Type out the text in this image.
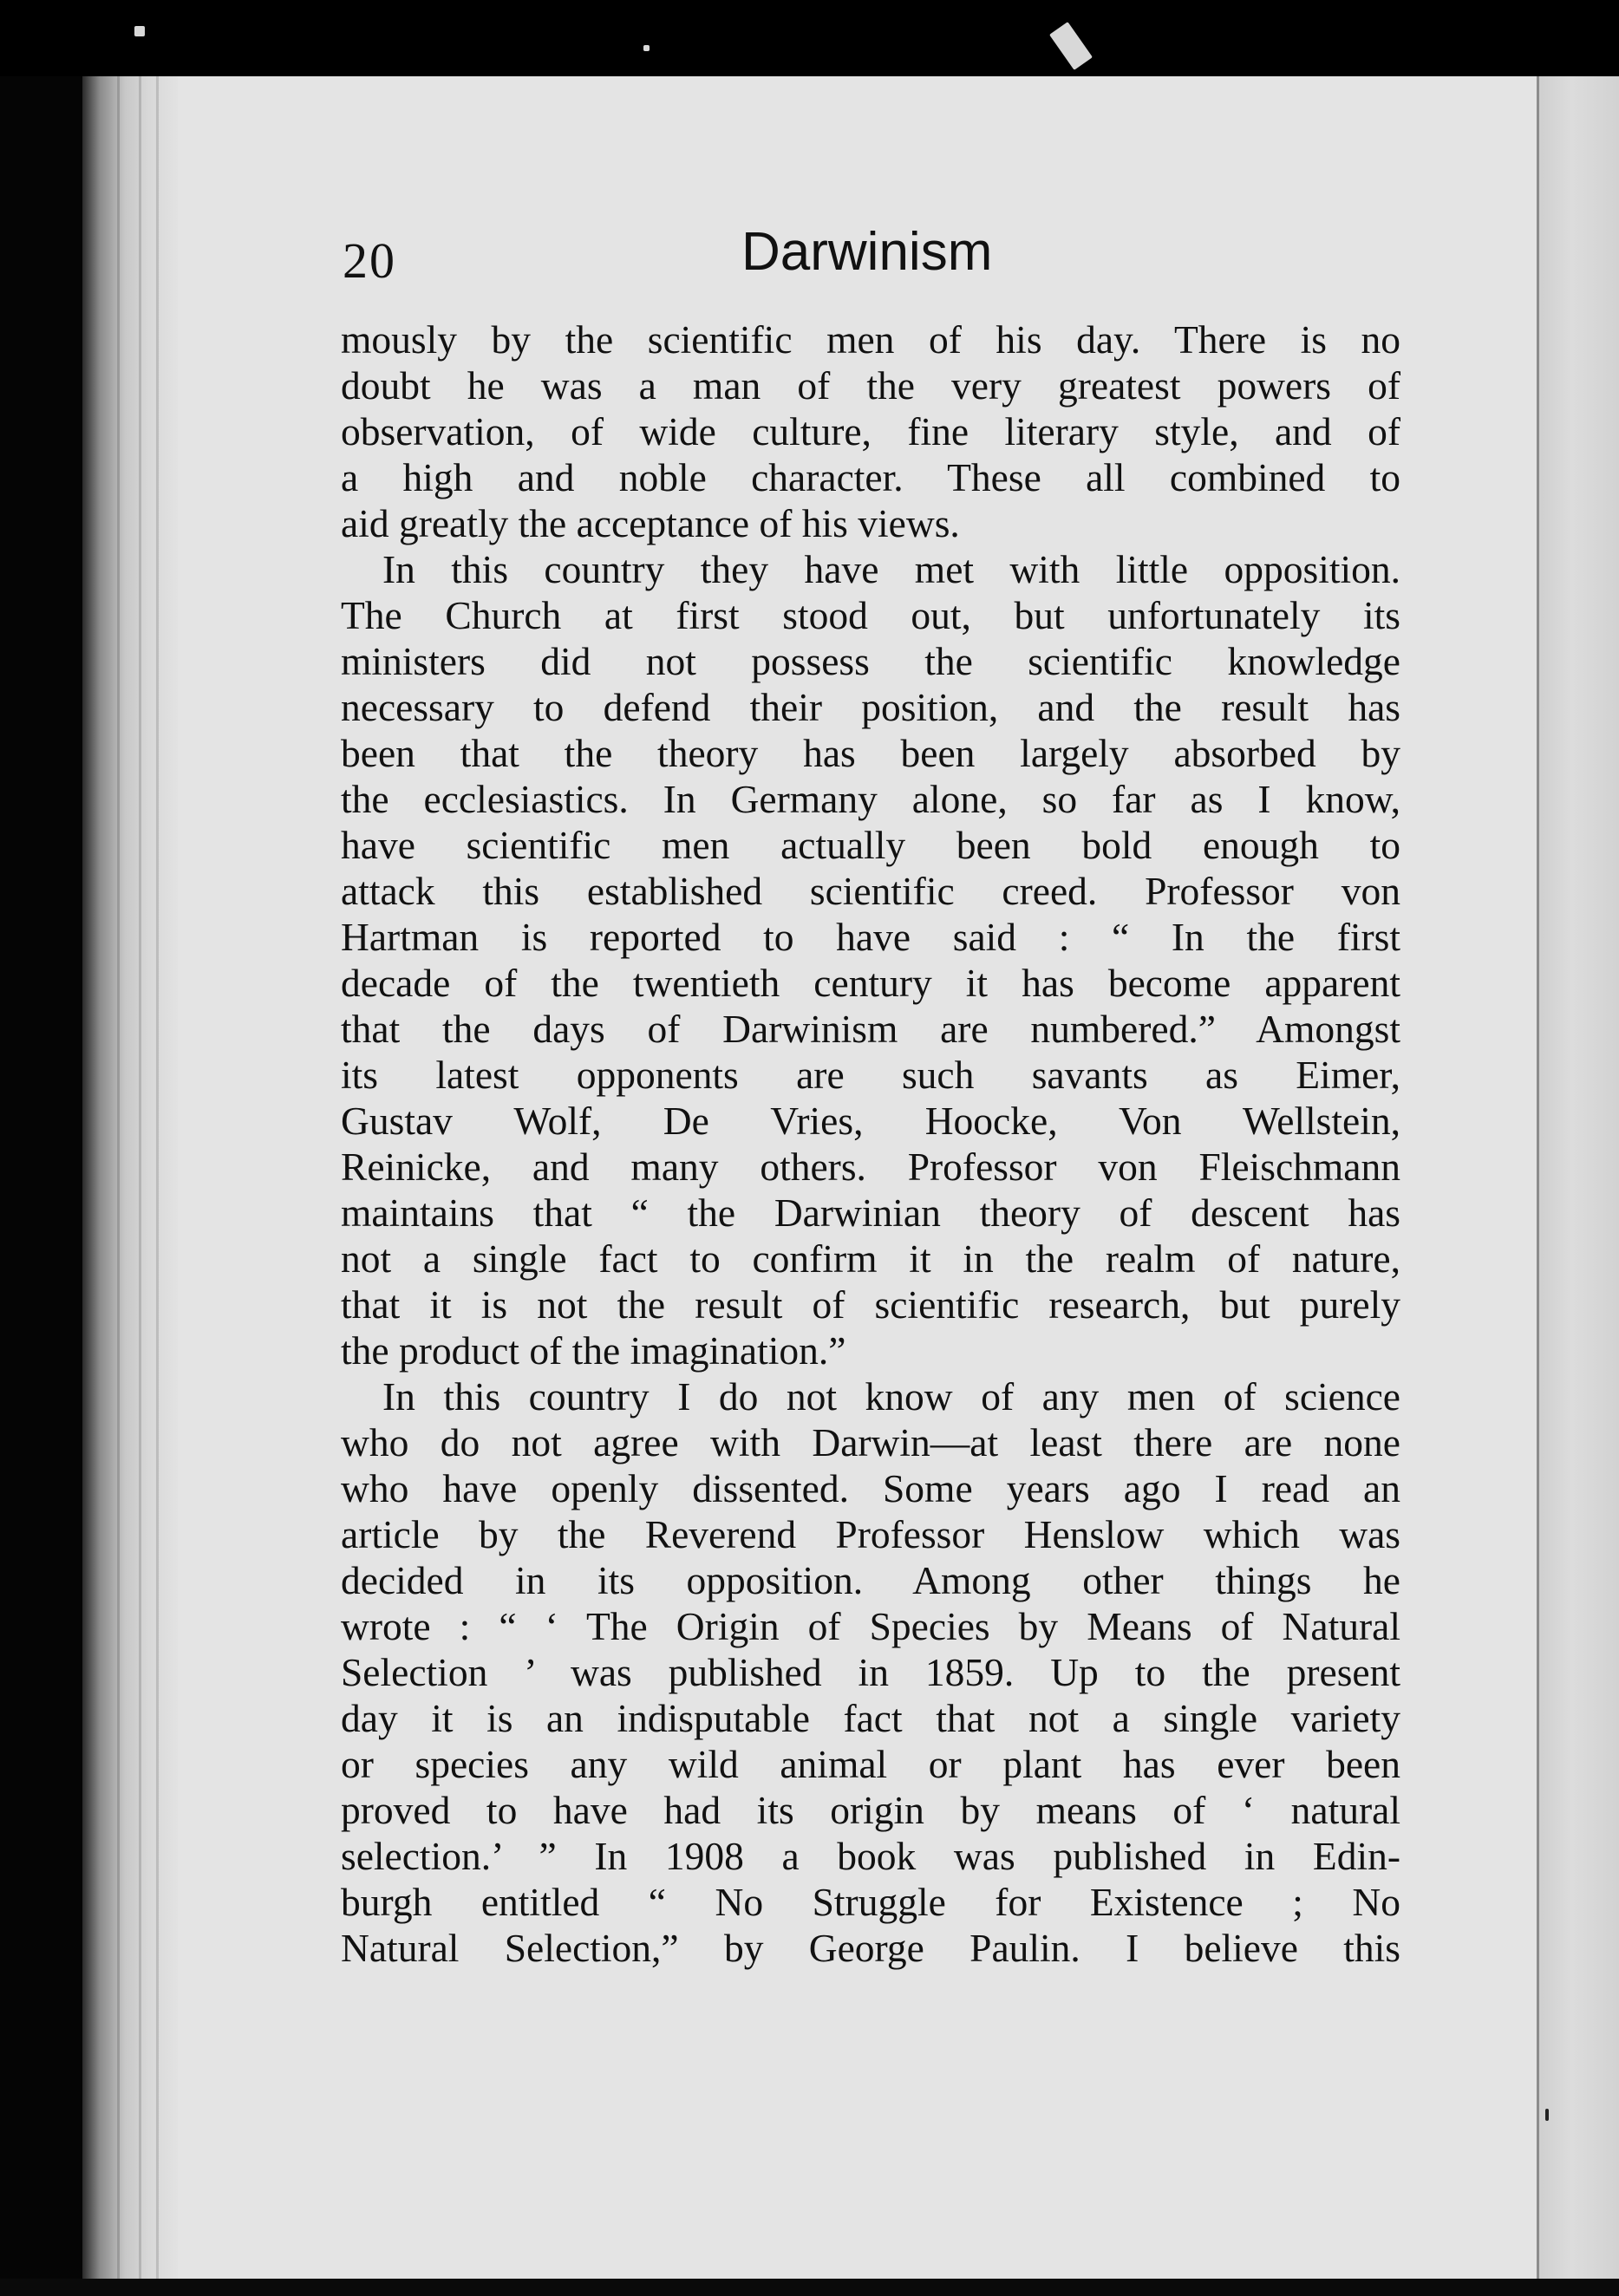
20	Darwinism
mously by the scientific men of his day. There is no
doubt he was a man of the very greatest powers of
observation, of wide culture, fine literary style, and of
a high and noble character. These all combined to
aid greatly the acceptance of his views.
In this country they have met with little opposition.
The Church at first stood out, but unfortunately its
ministers did not possess the scientific knowledge
necessary to defend their position, and the result has
been that the theory has been largely absorbed by
the ecclesiastics. In Germany alone, so far as I know,
have scientific men actually been bold enough to
attack this established scientific creed. Professor von
Hartman is reported to have said : “ In the first
decade of the twentieth century it has become apparent
that the days of Darwinism are numbered.” Amongst
its latest opponents are such savants as Eimer,
Gustav Wolf, De Vries, Hoocke, Von Wellstein,
Reinicke, and many others. Professor von Fleischmann
maintains that “ the Darwinian theory of descent has
not a single fact to confirm it in the realm of nature,
that it is not the result of scientific research, but purely
the product of the imagination.”
In this country I do not know of any men of science
who do not agree with Darwin—at least there are none
who have openly dissented. Some years ago I read an
article by the Reverend Professor Henslow which was
decided in its opposition. Among other things he
wrote : “ ‘ The Origin of Species by Means of Natural
Selection ’ was published in 1859. Up to the present
day it is an indisputable fact that not a single variety
or species any wild animal or plant has ever been
proved to have had its origin by means of ‘ natural
selection.’ ” In 1908 a book was published in Edin-
burgh entitled “ No Struggle for Existence ; No
Natural Selection,” by George Paulin. I believe this
